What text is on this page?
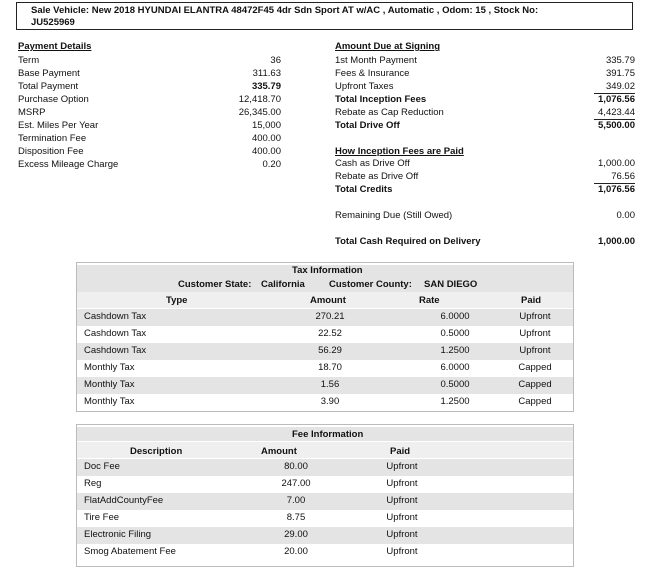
Sale Vehicle: New 2018 HYUNDAI ELANTRA 48472F45 4dr Sdn Sport AT w/AC , Automatic , Odom: 15 , Stock No:
JU525969
Payment Details
Term	36
Base Payment	311.63
Total Payment	335.79
Purchase Option	12,418.70
MSRP	26,345.00
Est. Miles Per Year	15,000
Termination Fee	400.00
Disposition Fee	400.00
Excess Mileage Charge	0.20
Amount Due at Signing
1st Month Payment	335.79
Fees & Insurance	391.75
Upfront Taxes	349.02
Total Inception Fees	1,076.56
Rebate as Cap Reduction	4,423.44
Total Drive Off	5,500.00
How Inception Fees are Paid
Cash as Drive Off	1,000.00
Rebate as Drive Off	76.56
Total Credits	1,076.56
Remaining Due (Still Owed)	0.00
Total Cash Required on Delivery	1,000.00
Tax Information
Customer State: California	Customer County: SAN DIEGO
Type	Amount	Rate	Paid
Cashdown Tax	270.21	6.0000	Upfront
Cashdown Tax	22.52	0.5000	Upfront
Cashdown Tax	56.29	1.2500	Upfront
Monthly Tax	18.70	6.0000	Capped
Monthly Tax	1.56	0.5000	Capped
Monthly Tax	3.90	1.2500	Capped
Fee Information
Description	Amount	Paid
Doc Fee	80.00	Upfront
Reg	247.00	Upfront
FlatAddCountyFee	7.00	Upfront
Tire Fee	8.75	Upfront
Electronic Filing	29.00	Upfront
Smog Abatement Fee	20.00	Upfront
